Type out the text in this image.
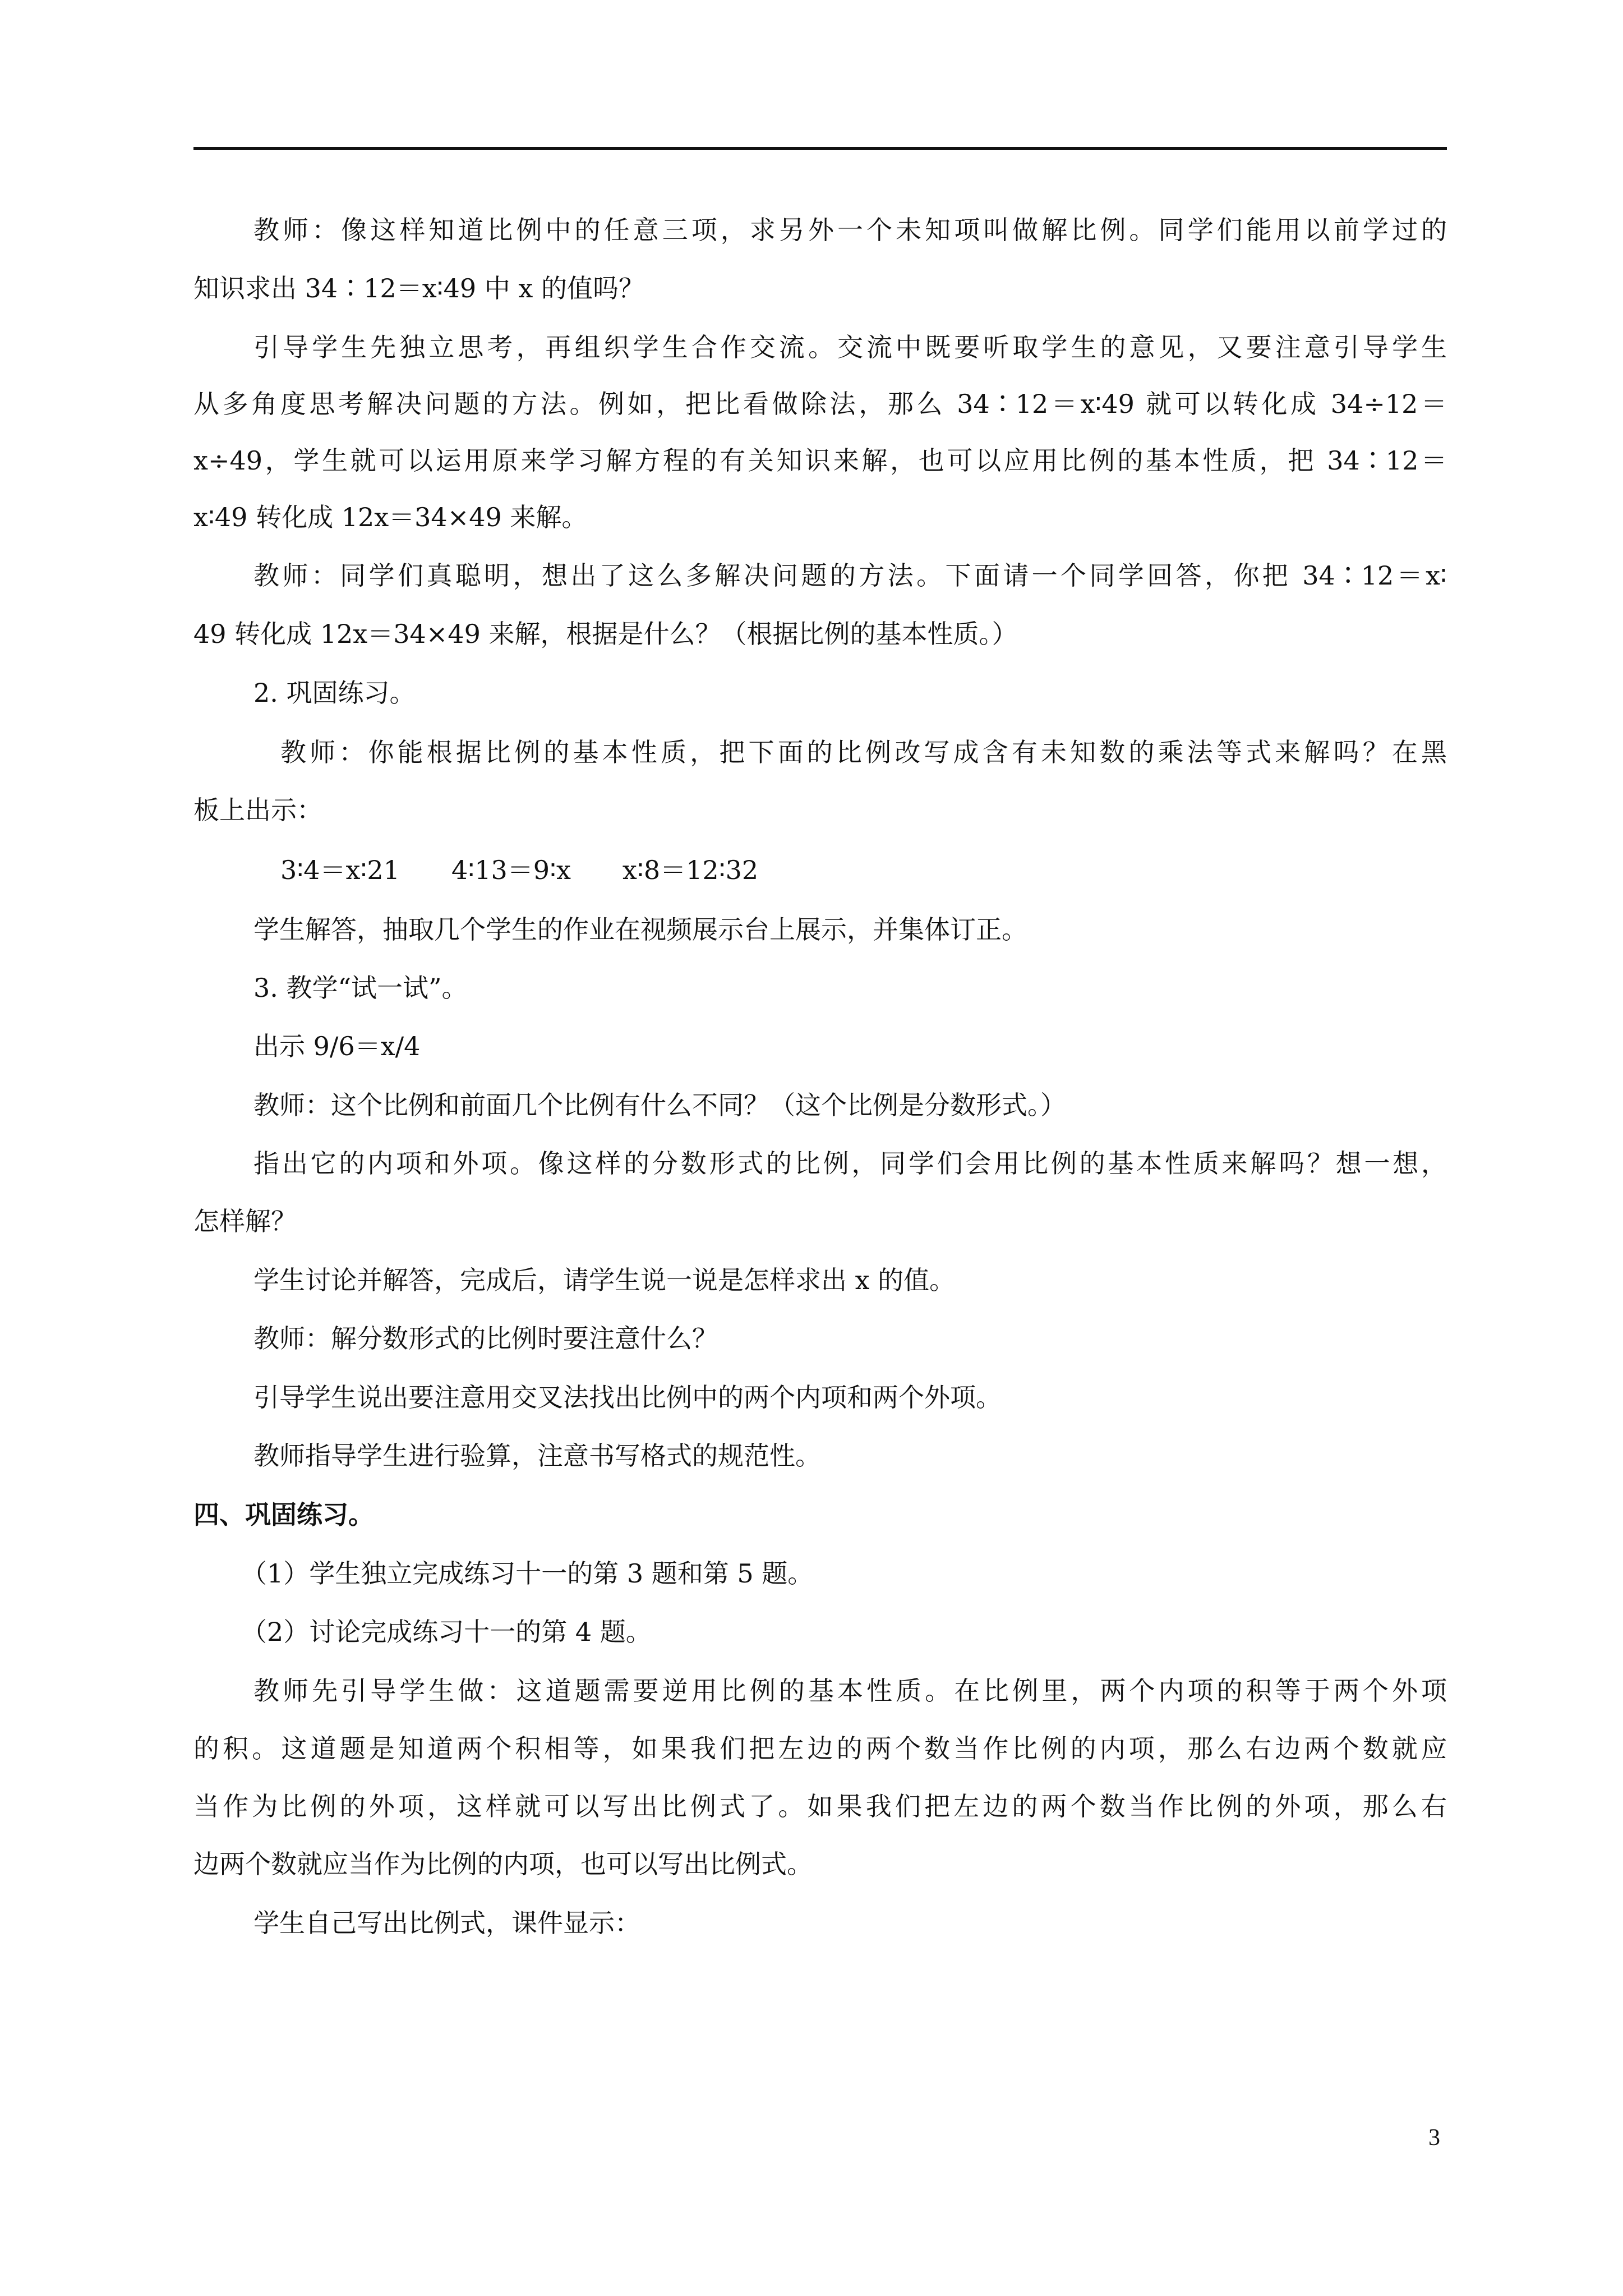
教师：像这样知道比例中的任意三项，求另外一个未知项叫做解比例。同学们能用以前学过的
知识求出 34∶12＝x∶49 中 x 的值吗？
引导学生先独立思考，再组织学生合作交流。交流中既要听取学生的意见，又要注意引导学生
从多角度思考解决问题的方法。例如，把比看做除法，那么 34∶12＝x∶49 就可以转化成 34÷12＝
x÷49，学生就可以运用原来学习解方程的有关知识来解，也可以应用比例的基本性质，把 34∶12＝
x∶49 转化成 12x＝34×49 来解。
教师：同学们真聪明，想出了这么多解决问题的方法。下面请一个同学回答，你把 34∶12＝x∶
49 转化成 12x＝34×49 来解，根据是什么？（根据比例的基本性质。）
2. 巩固练习。
教师：你能根据比例的基本性质，把下面的比例改写成含有未知数的乘法等式来解吗？在黑
板上出示：
3∶4＝x∶21　　4∶13＝9∶x　　x∶8＝12∶32
学生解答，抽取几个学生的作业在视频展示台上展示，并集体订正。
3. 教学“试一试”。
出示 9/6＝x/4
教师：这个比例和前面几个比例有什么不同？（这个比例是分数形式。）
指出它的内项和外项。像这样的分数形式的比例，同学们会用比例的基本性质来解吗？想一想，
怎样解？
学生讨论并解答，完成后，请学生说一说是怎样求出 x 的值。
教师：解分数形式的比例时要注意什么？
引导学生说出要注意用交叉法找出比例中的两个内项和两个外项。
教师指导学生进行验算，注意书写格式的规范性。
四、巩固练习。
（1）学生独立完成练习十一的第 3 题和第 5 题。
（2）讨论完成练习十一的第 4 题。
教师先引导学生做：这道题需要逆用比例的基本性质。在比例里，两个内项的积等于两个外项
的积。这道题是知道两个积相等，如果我们把左边的两个数当作比例的内项，那么右边两个数就应
当作为比例的外项，这样就可以写出比例式了。如果我们把左边的两个数当作比例的外项，那么右
边两个数就应当作为比例的内项，也可以写出比例式。
学生自己写出比例式，课件显示：
3
